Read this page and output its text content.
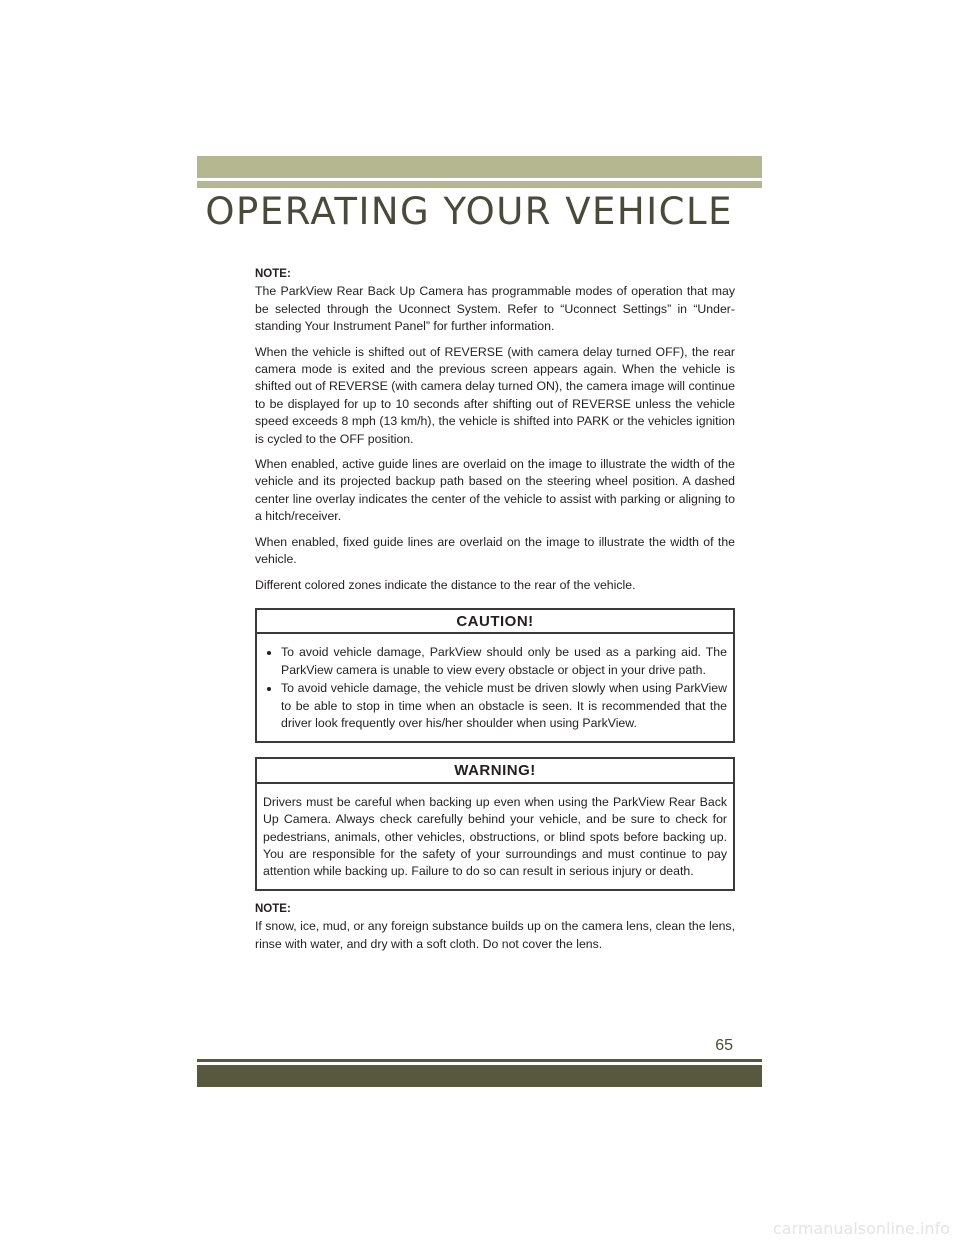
OPERATING YOUR VEHICLE
NOTE:

The ParkView Rear Back Up Camera has programmable modes of operation that may be selected through the Uconnect System. Refer to “Uconnect Settings” in “Under-standing Your Instrument Panel” for further information.

When the vehicle is shifted out of REVERSE (with camera delay turned OFF), the rear camera mode is exited and the previous screen appears again. When the vehicle is shifted out of REVERSE (with camera delay turned ON), the camera image will continue to be displayed for up to 10 seconds after shifting out of REVERSE unless the vehicle speed exceeds 8 mph (13 km/h), the vehicle is shifted into PARK or the vehicles ignition is cycled to the OFF position.

When enabled, active guide lines are overlaid on the image to illustrate the width of the vehicle and its projected backup path based on the steering wheel position. A dashed center line overlay indicates the center of the vehicle to assist with parking or aligning to a hitch/receiver.

When enabled, fixed guide lines are overlaid on the image to illustrate the width of the vehicle.

Different colored zones indicate the distance to the rear of the vehicle.

CAUTION!
• To avoid vehicle damage, ParkView should only be used as a parking aid. The ParkView camera is unable to view every obstacle or object in your drive path.
• To avoid vehicle damage, the vehicle must be driven slowly when using ParkView to be able to stop in time when an obstacle is seen. It is recommended that the driver look frequently over his/her shoulder when using ParkView.
WARNING!

Drivers must be careful when backing up even when using the ParkView Rear Back Up Camera. Always check carefully behind your vehicle, and be sure to check for pedestrians, animals, other vehicles, obstructions, or blind spots before backing up. You are responsible for the safety of your surroundings and must continue to pay attention while backing up. Failure to do so can result in serious injury or death.

NOTE:

If snow, ice, mud, or any foreign substance builds up on the camera lens, clean the lens, rinse with water, and dry with a soft cloth. Do not cover the lens.

65
carmanualsonline.info
